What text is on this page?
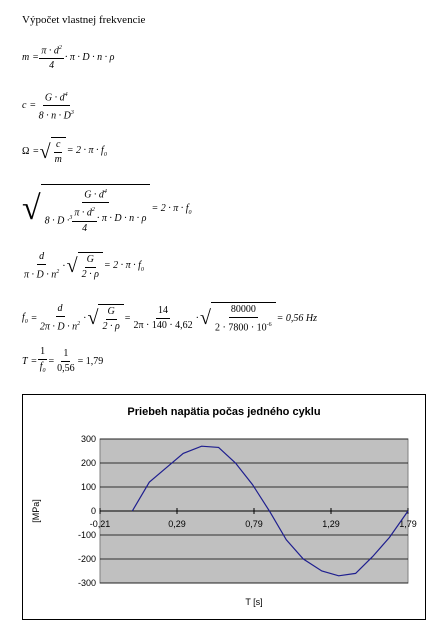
Výpočet vlastnej frekvencie
$m = \frac{\pi \cdot d^2}{4} \cdot \pi \cdot D \cdot n \cdot \rho$
$c = \frac{G \cdot d^4}{8 \cdot n \cdot D^3}$
Ω = √ $\frac{c}{m} = 2 \cdot \pi \cdot f_0$
√	$G \cdot d^4$
$8 \cdot D \cdot^3 \frac{\pi \cdot d^2}{4} \cdot \pi \cdot D \cdot n \cdot \rho$
= $2 \cdot \pi \cdot f_0$
$\frac{d}{\pi \cdot D \cdot n^2}$ · √ $\frac{G}{2 \cdot \rho} = 2 \cdot \pi \cdot f_0$
$f_0 = \frac{d}{2\pi \cdot D \cdot n^2}$ · √ $\frac{G}{2 \cdot \rho} = \frac{14}{2\pi \cdot 140 \cdot 4,62}$ · √ $\frac{80000}{2 \cdot 7800 \cdot 10^{-6}} = 0,56$ Hz
$T = \frac{1}{f_0} = \frac{1}{0,56} = 1,79$
Priebeh napätia počas jedného cyklu
300
200
100
0
-100
-200
-300
-0,21	0,29	0,79	1,29	1,79
[MPa]
T [s]
